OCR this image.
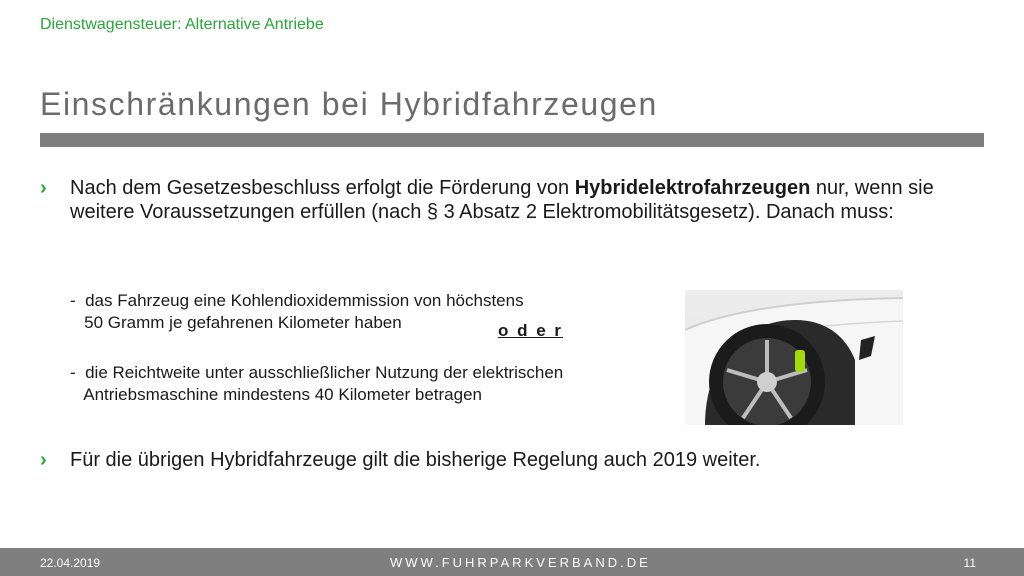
Dienstwagensteuer: Alternative Antriebe
Einschränkungen bei Hybridfahrzeugen
› Nach dem Gesetzesbeschluss erfolgt die Förderung von Hybridelektrofahrzeugen nur, wenn sie weitere Voraussetzungen erfüllen (nach § 3 Absatz 2 Elektromobilitätsgesetz). Danach muss:
-  das Fahrzeug eine Kohlendioxidemmission von höchstens
50 Gramm je gefahrenen Kilometer haben	o d e r
-  die Reichtweite unter ausschließlicher Nutzung der elektrischen
Antriebsmaschine mindestens 40 Kilometer betragen
› Für die übrigen Hybridfahrzeuge gilt die bisherige Regelung auch 2019 weiter.
22.04.2019	WWW.FUHRPARKVERBAND.DE	11
